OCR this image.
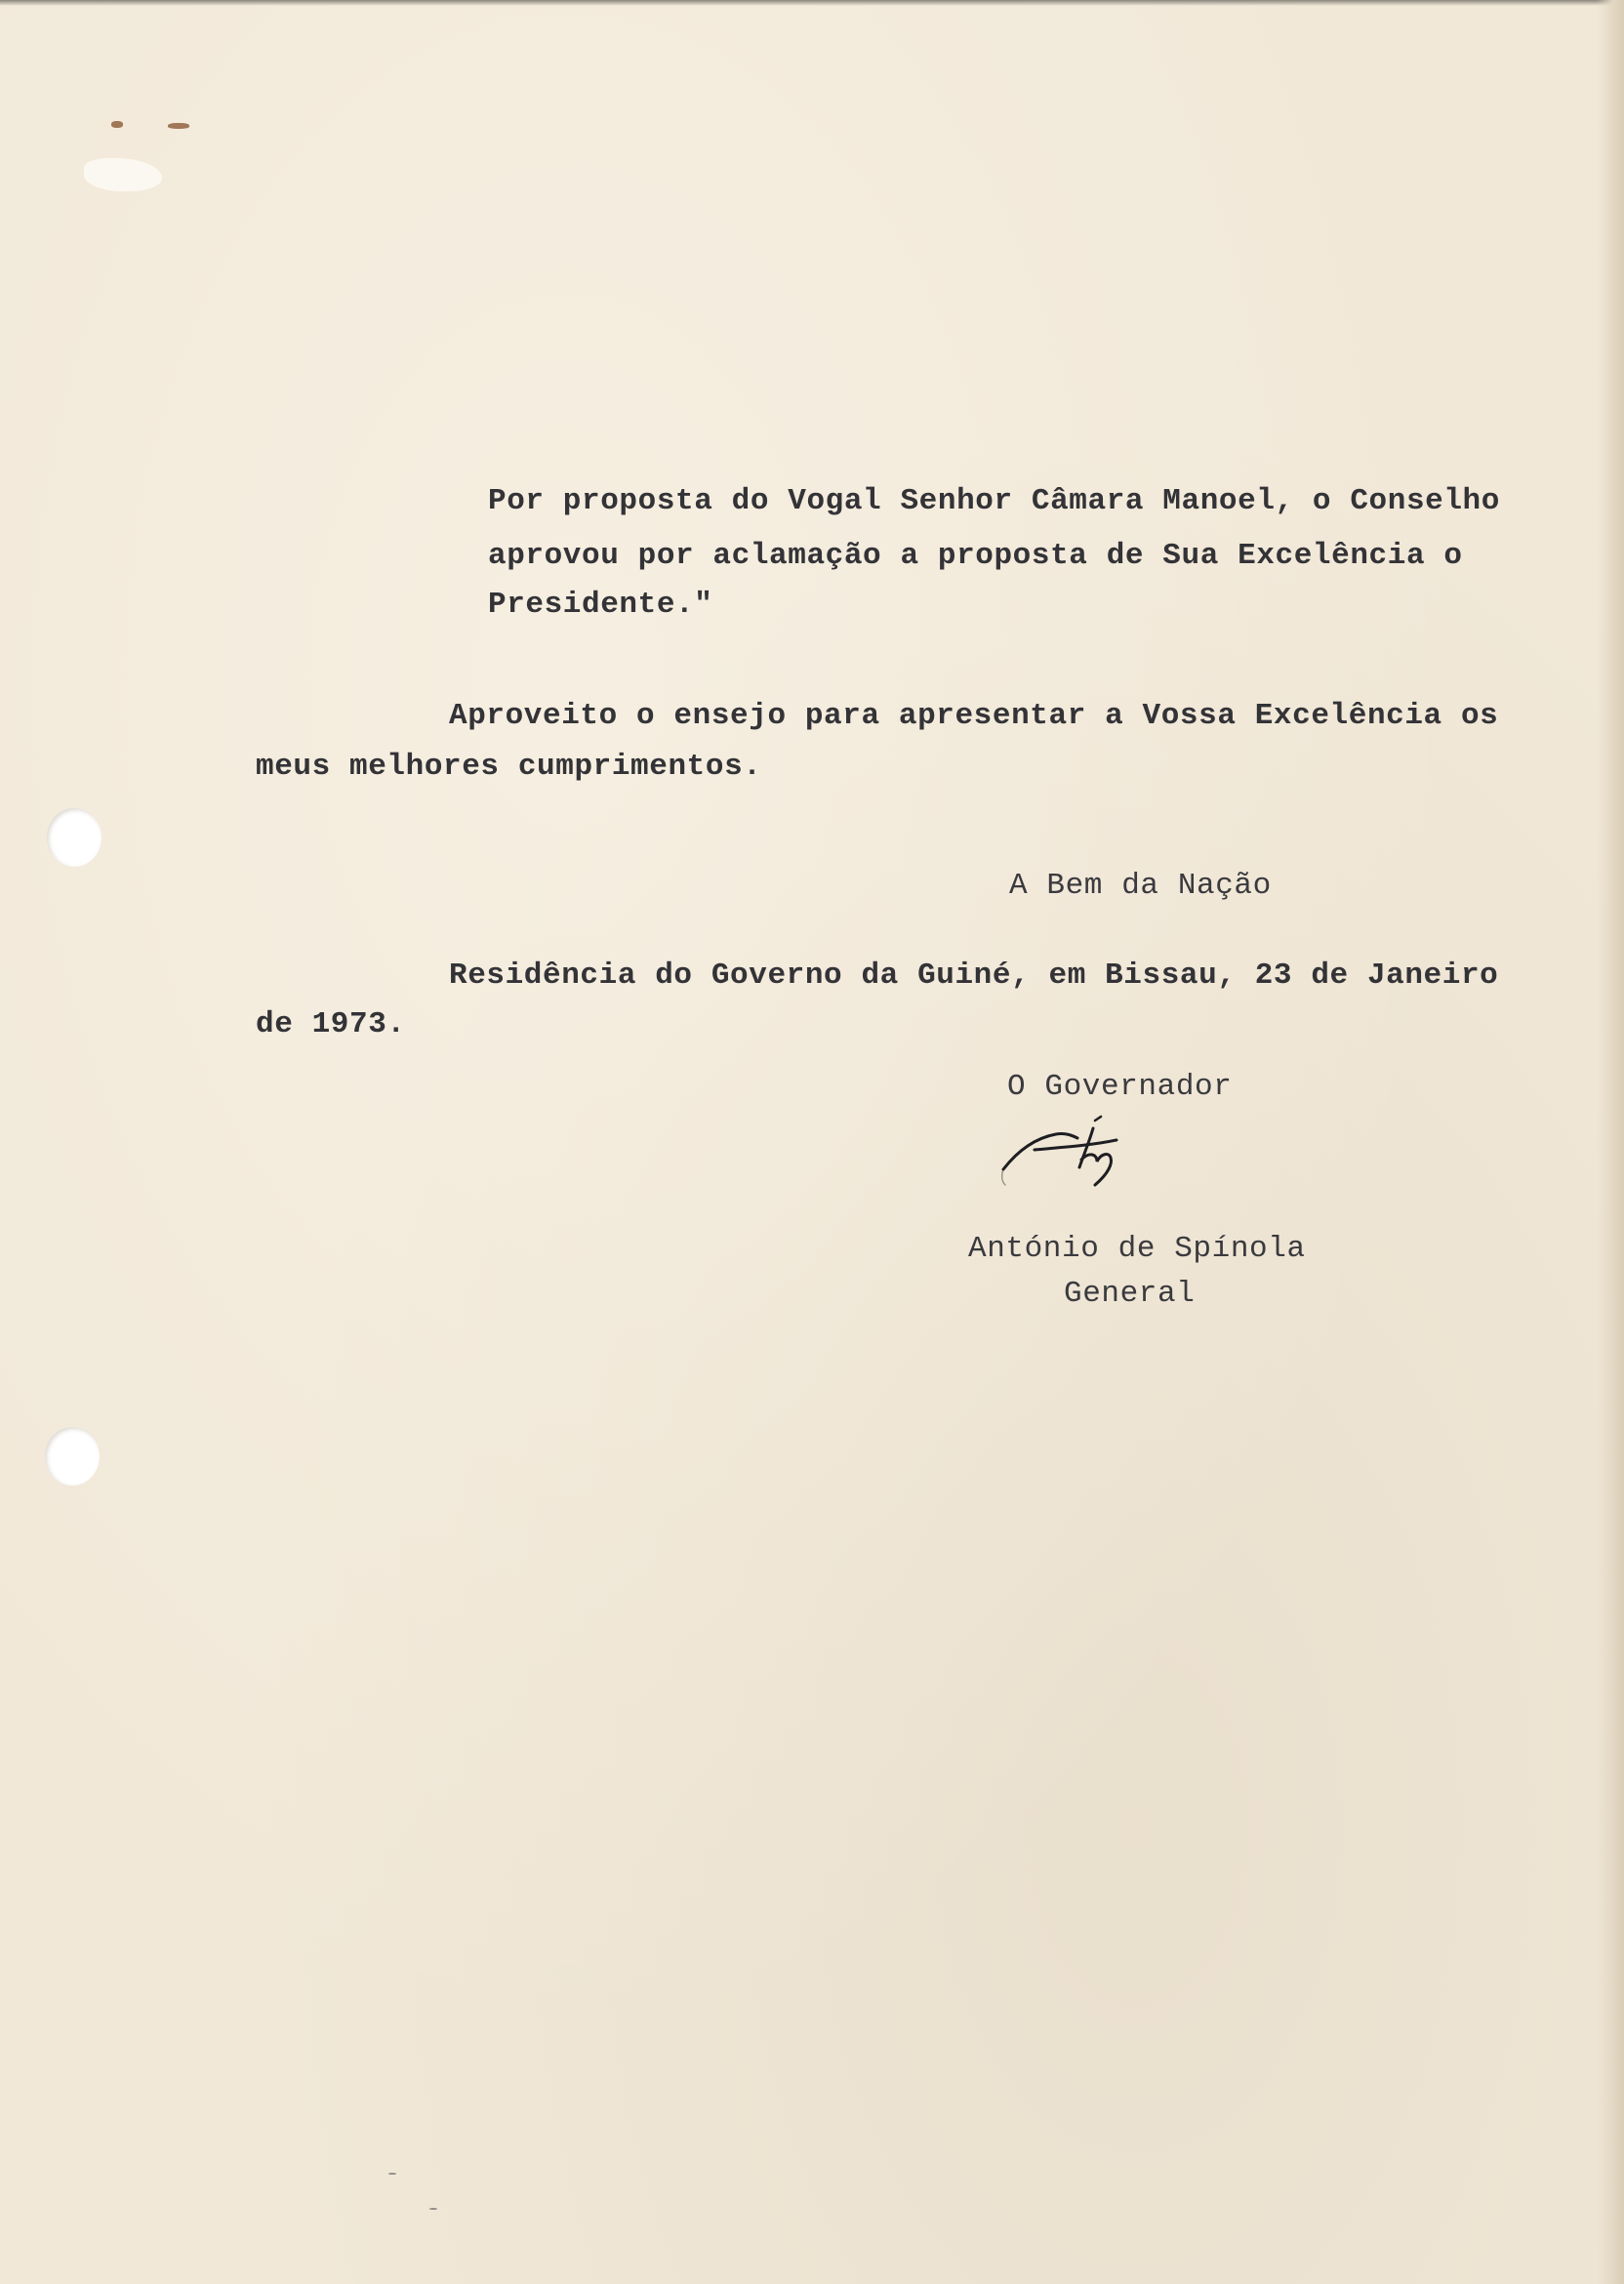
Por proposta do Vogal Senhor Câmara Manoel, o Conselho
aprovou por aclamação a proposta de Sua Excelência o
Presidente."
Aproveito o ensejo para apresentar a Vossa Excelência os
meus melhores cumprimentos.
A Bem da Nação
Residência do Governo da Guiné, em Bissau, 23 de Janeiro
de 1973.
O Governador
António de Spínola
General
